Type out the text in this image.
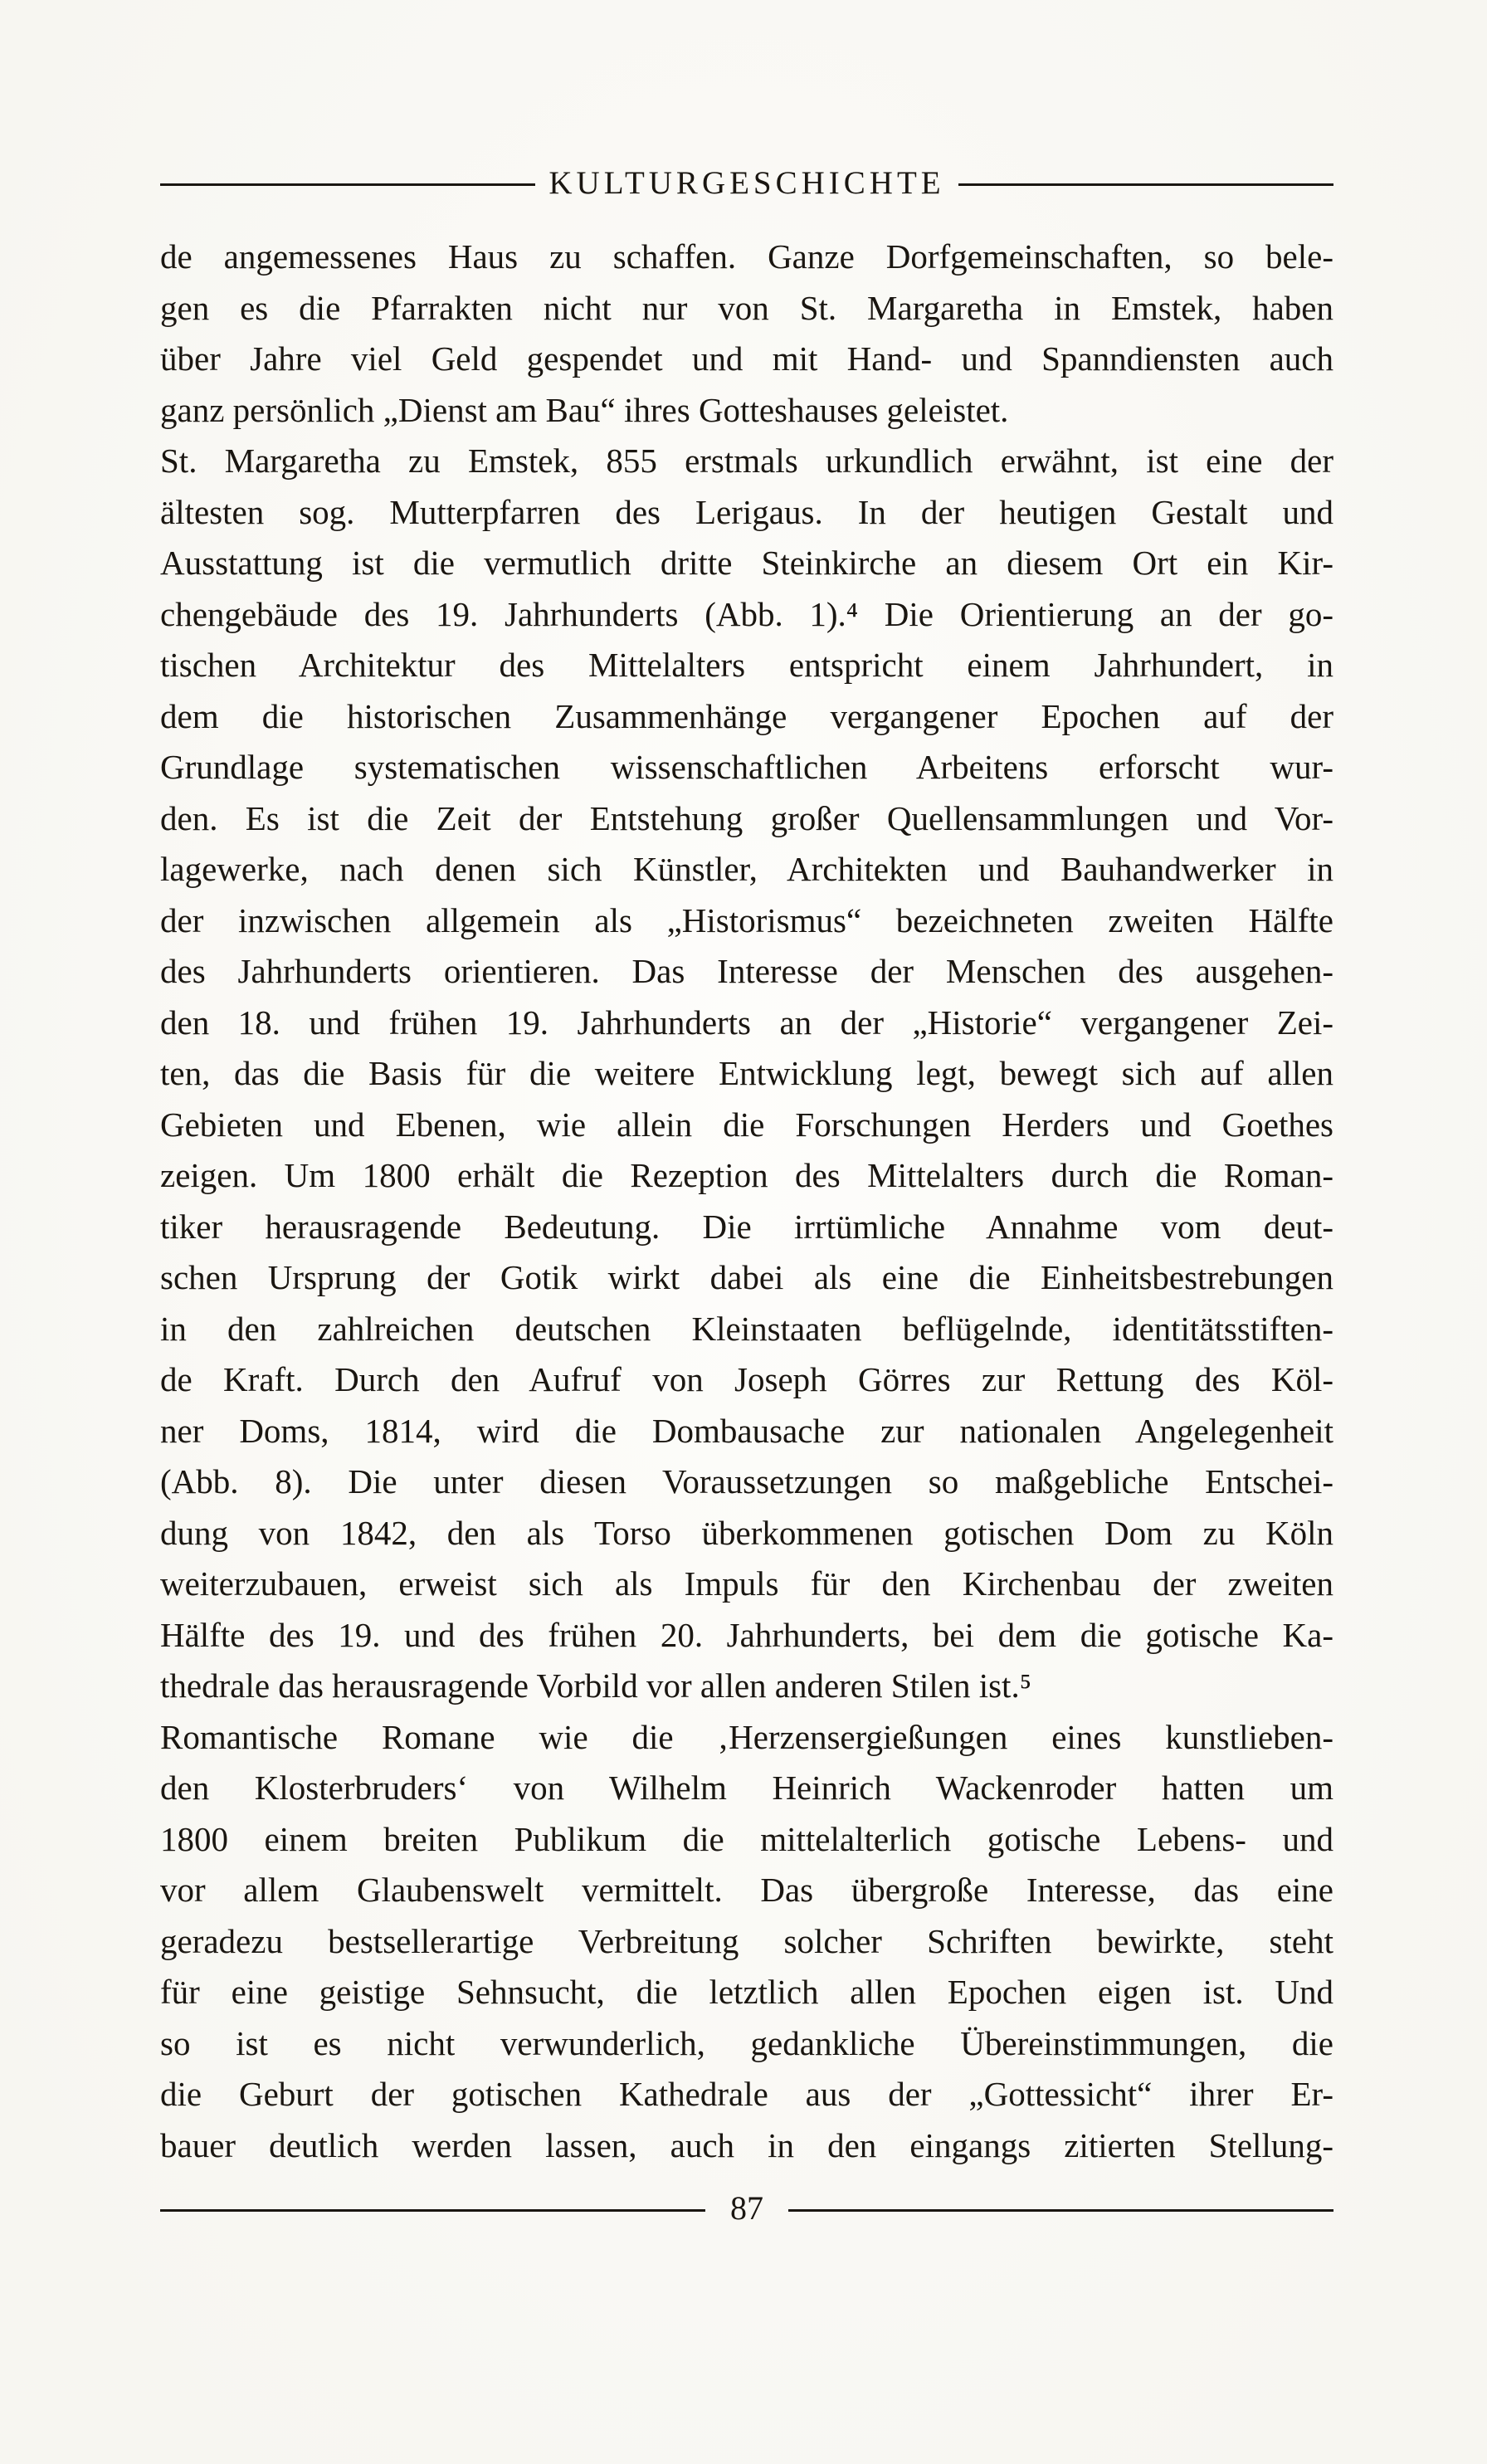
KULTURGESCHICHTE
de angemessenes Haus zu schaffen. Ganze Dorfgemeinschaften, so bele-
gen es die Pfarrakten nicht nur von St. Margaretha in Emstek, haben
über Jahre viel Geld gespendet und mit Hand- und Spanndiensten auch
ganz persönlich „Dienst am Bau“ ihres Gotteshauses geleistet.
St. Margaretha zu Emstek, 855 erstmals urkundlich erwähnt, ist eine der
ältesten sog. Mutterpfarren des Lerigaus. In der heutigen Gestalt und
Ausstattung ist die vermutlich dritte Steinkirche an diesem Ort ein Kir-
chengebäude des 19. Jahrhunderts (Abb. 1).⁴ Die Orientierung an der go-
tischen Architektur des Mittelalters entspricht einem Jahrhundert, in
dem die historischen Zusammenhänge vergangener Epochen auf der
Grundlage systematischen wissenschaftlichen Arbeitens erforscht wur-
den. Es ist die Zeit der Entstehung großer Quellensammlungen und Vor-
lagewerke, nach denen sich Künstler, Architekten und Bauhandwerker in
der inzwischen allgemein als „Historismus“ bezeichneten zweiten Hälfte
des Jahrhunderts orientieren. Das Interesse der Menschen des ausgehen-
den 18. und frühen 19. Jahrhunderts an der „Historie“ vergangener Zei-
ten, das die Basis für die weitere Entwicklung legt, bewegt sich auf allen
Gebieten und Ebenen, wie allein die Forschungen Herders und Goethes
zeigen. Um 1800 erhält die Rezeption des Mittelalters durch die Roman-
tiker herausragende Bedeutung. Die irrtümliche Annahme vom deut-
schen Ursprung der Gotik wirkt dabei als eine die Einheitsbestrebungen
in den zahlreichen deutschen Kleinstaaten beflügelnde, identitätsstiften-
de Kraft. Durch den Aufruf von Joseph Görres zur Rettung des Köl-
ner Doms, 1814, wird die Dombausache zur nationalen Angelegenheit
(Abb. 8). Die unter diesen Voraussetzungen so maßgebliche Entschei-
dung von 1842, den als Torso überkommenen gotischen Dom zu Köln
weiterzubauen, erweist sich als Impuls für den Kirchenbau der zweiten
Hälfte des 19. und des frühen 20. Jahrhunderts, bei dem die gotische Ka-
thedrale das herausragende Vorbild vor allen anderen Stilen ist.⁵
Romantische Romane wie die ‚Herzensergießungen eines kunstlieben-
den Klosterbruders‘ von Wilhelm Heinrich Wackenroder hatten um
1800 einem breiten Publikum die mittelalterlich gotische Lebens- und
vor allem Glaubenswelt vermittelt. Das übergroße Interesse, das eine
geradezu bestsellerartige Verbreitung solcher Schriften bewirkte, steht
für eine geistige Sehnsucht, die letztlich allen Epochen eigen ist. Und
so ist es nicht verwunderlich, gedankliche Übereinstimmungen, die
die Geburt der gotischen Kathedrale aus der „Gottessicht“ ihrer Er-
bauer deutlich werden lassen, auch in den eingangs zitierten Stellung-
87
